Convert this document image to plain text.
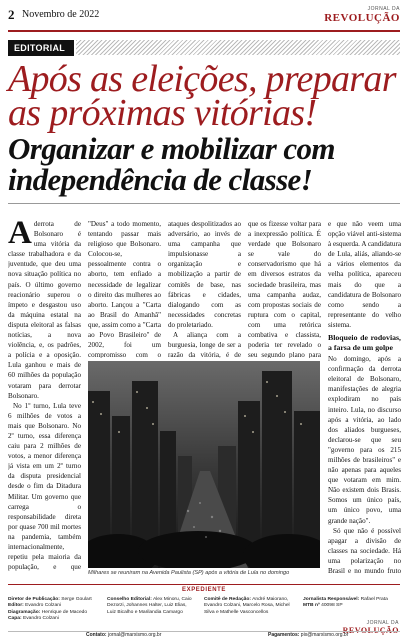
2 Novembro de 2022	JORNAL DA
REVOLUÇÃO
EDITORIAL
Após as eleições, preparar as próximas vitórias!
Organizar e mobilizar com independência de classe!

Aderrota de Bolsonaro é uma vitória da classe trabalhadora e da juventude, que deu uma nova situação política no país. O último governo reacionário superou o ímpeto e desgastou uso da máquina estatal na disputa eleitoral as falsas notícias, a nova violência, e, os padrões, a polícia e a oposição. Lula ganhou e mais de 60 milhões da população votaram para derrotar Bolsonaro.

No 1º turno, Lula teve 6 milhões de votos a mais que Bolsonaro. No 2º turno, essa diferença caiu para 2 milhões de votos, a menor diferença já vista em um 2º turno da disputa presidencial desde o fim da Ditadura Militar. Um governo que carrega o responsabilidade direta por quase 700 mil mortes na pandemia, também internacionalmente, repetiu pela maioria da população, e que

"Deus" a todo momento, tentando passar mais religioso que Bolsonaro. Colocou-se, pessoalmente contra o aborto, tem enfiado a necessidade de legalizar o direito das mulheres ao aborto. Lançou a "Carta ao Brasil do Amanhã" que, assim como a "Carta ao Povo Brasileiro" de 2002, foi um compromisso com o

ataques despolitizados ao adversário, ao invés de uma campanha que impulsionasse a organização e mobilização a partir de comitês de base, nas fábricas e cidades, dialogando com as necessidades concretas do proletariado.

A aliança com a burguesia, longe de ser a razão da vitória, é de

que os fizesse voltar para a inexpressão política. É verdade que Bolsonaro se vale do conservadorismo que há em diversos estratos da sociedade brasileira, mas uma campanha audaz, com propostas sociais de ruptura com o capital, com uma retórica combativa e classista, poderia ter revelado o seu segundo plano para

e que não veem uma opção viável anti-sistema à esquerda. A candidatura de Lula, aliás, aliando-se a vários elementos da velha política, apareceu mais do que a candidatura de Bolsonaro como sendo a representante do velho sistema.

Bloqueio de rodovias, a farsa de um golpe

No domingo, após a confirmação da derrota eleitoral de Bolsonaro, manifestações de alegria explodiram no país inteiro. Lula, no discurso após a vitória, ao lado dos aliados burgueses, declarou-se que seu "governo para os 215 milhões de brasileiros" e não apenas para aqueles que votaram em mim. Não existem dois Brasis. Somos um único país, um único povo, uma grande nação".

Só que não é possível apagar a divisão de classes na sociedade. Há uma polarização no Brasil e no mundo fruto

Milhares se reuniram na Avenida Paulista (SP) após a vitória de Lula no domingo
EXPEDIENTE
Diretor de Publicação: Serge Goulart
Editor: Evandro Colzani
Diagramação: Henrique de Macedo
Capa: Evandro Colzani
Conselho Editorial: Alex Minoru, Caio Dezorzi, Johannes Halter, Luiz Elias, Luiz Bicalho e Marilandia Camargo
Comitê de Redação: André Maiorano, Evandro Colzani, Marcelo Rosa, Michel Silva e Mathelle Vasconcellos
Jornalista Responsável: Rafael Prata
MTB nº 40098 SP
JORNAL DA
REVOLUÇÃO
Contato: jornal@marxismo.org.br	Pagamentos: pix@marxismo.org.br
